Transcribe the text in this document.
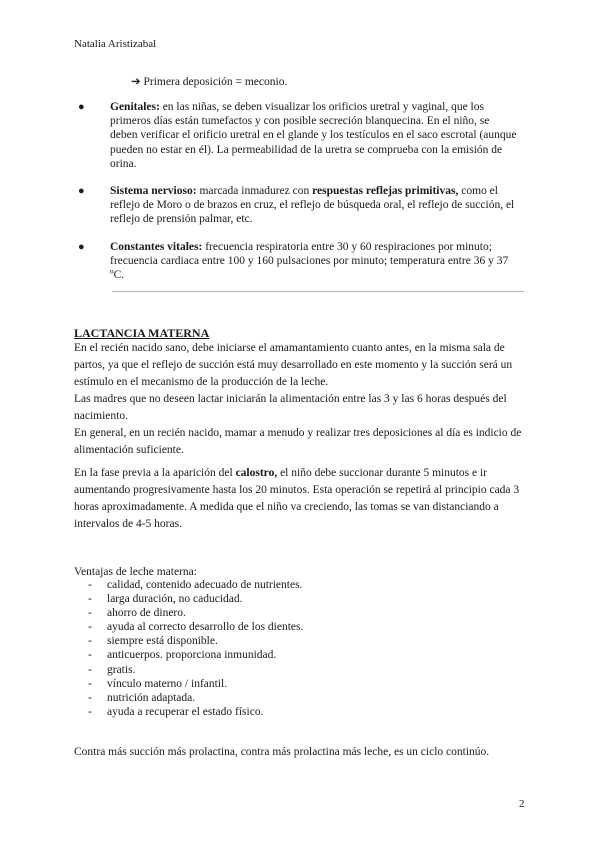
Natalia Aristizabal
➔ Primera deposición = meconio.
● Genitales: en las niñas, se deben visualizar los orificios uretral y vaginal, que los primeros días están tumefactos y con posible secreción blanquecina. En el niño, se deben verificar el orificio uretral en el glande y los testículos en el saco escrotal (aunque pueden no estar en él). La permeabilidad de la uretra se comprueba con la emisión de orina.
● Sistema nervioso: marcada inmadurez con respuestas reflejas primitivas, como el reflejo de Moro o de brazos en cruz, el reflejo de búsqueda oral, el reflejo de succión, el reflejo de prensión palmar, etc.
● Constantes vitales: frecuencia respiratoria entre 30 y 60 respiraciones por minuto; frecuencia cardiaca entre 100 y 160 pulsaciones por minuto; temperatura entre 36 y 37 ºC.
LACTANCIA MATERNA
En el recién nacido sano, debe iniciarse el amamantamiento cuanto antes, en la misma sala de partos, ya que el reflejo de succión está muy desarrollado en este momento y la succión será un estímulo en el mecanismo de la producción de la leche.
Las madres que no deseen lactar iniciarán la alimentación entre las 3 y las 6 horas después del nacimiento.
En general, en un recién nacido, mamar a menudo y realizar tres deposiciones al día es indicio de alimentación suficiente.
En la fase previa a la aparición del calostro, el niño debe succionar durante 5 minutos e ir aumentando progresivamente hasta los 20 minutos. Esta operación se repetirá al principio cada 3 horas aproximadamente. A medida que el niño va creciendo, las tomas se van distanciando a intervalos de 4-5 horas.
Ventajas de leche materna:
- calidad, contenido adecuado de nutrientes.
- larga duración, no caducidad.
- ahorro de dinero.
- ayuda al correcto desarrollo de los dientes.
- siempre está disponible.
- anticuerpos. proporciona inmunidad.
- gratis.
- vínculo materno / infantil.
- nutrición adaptada.
- ayuda a recuperar el estado físico.
Contra más succión más prolactina, contra más prolactina más leche, es un ciclo continúo.
2
